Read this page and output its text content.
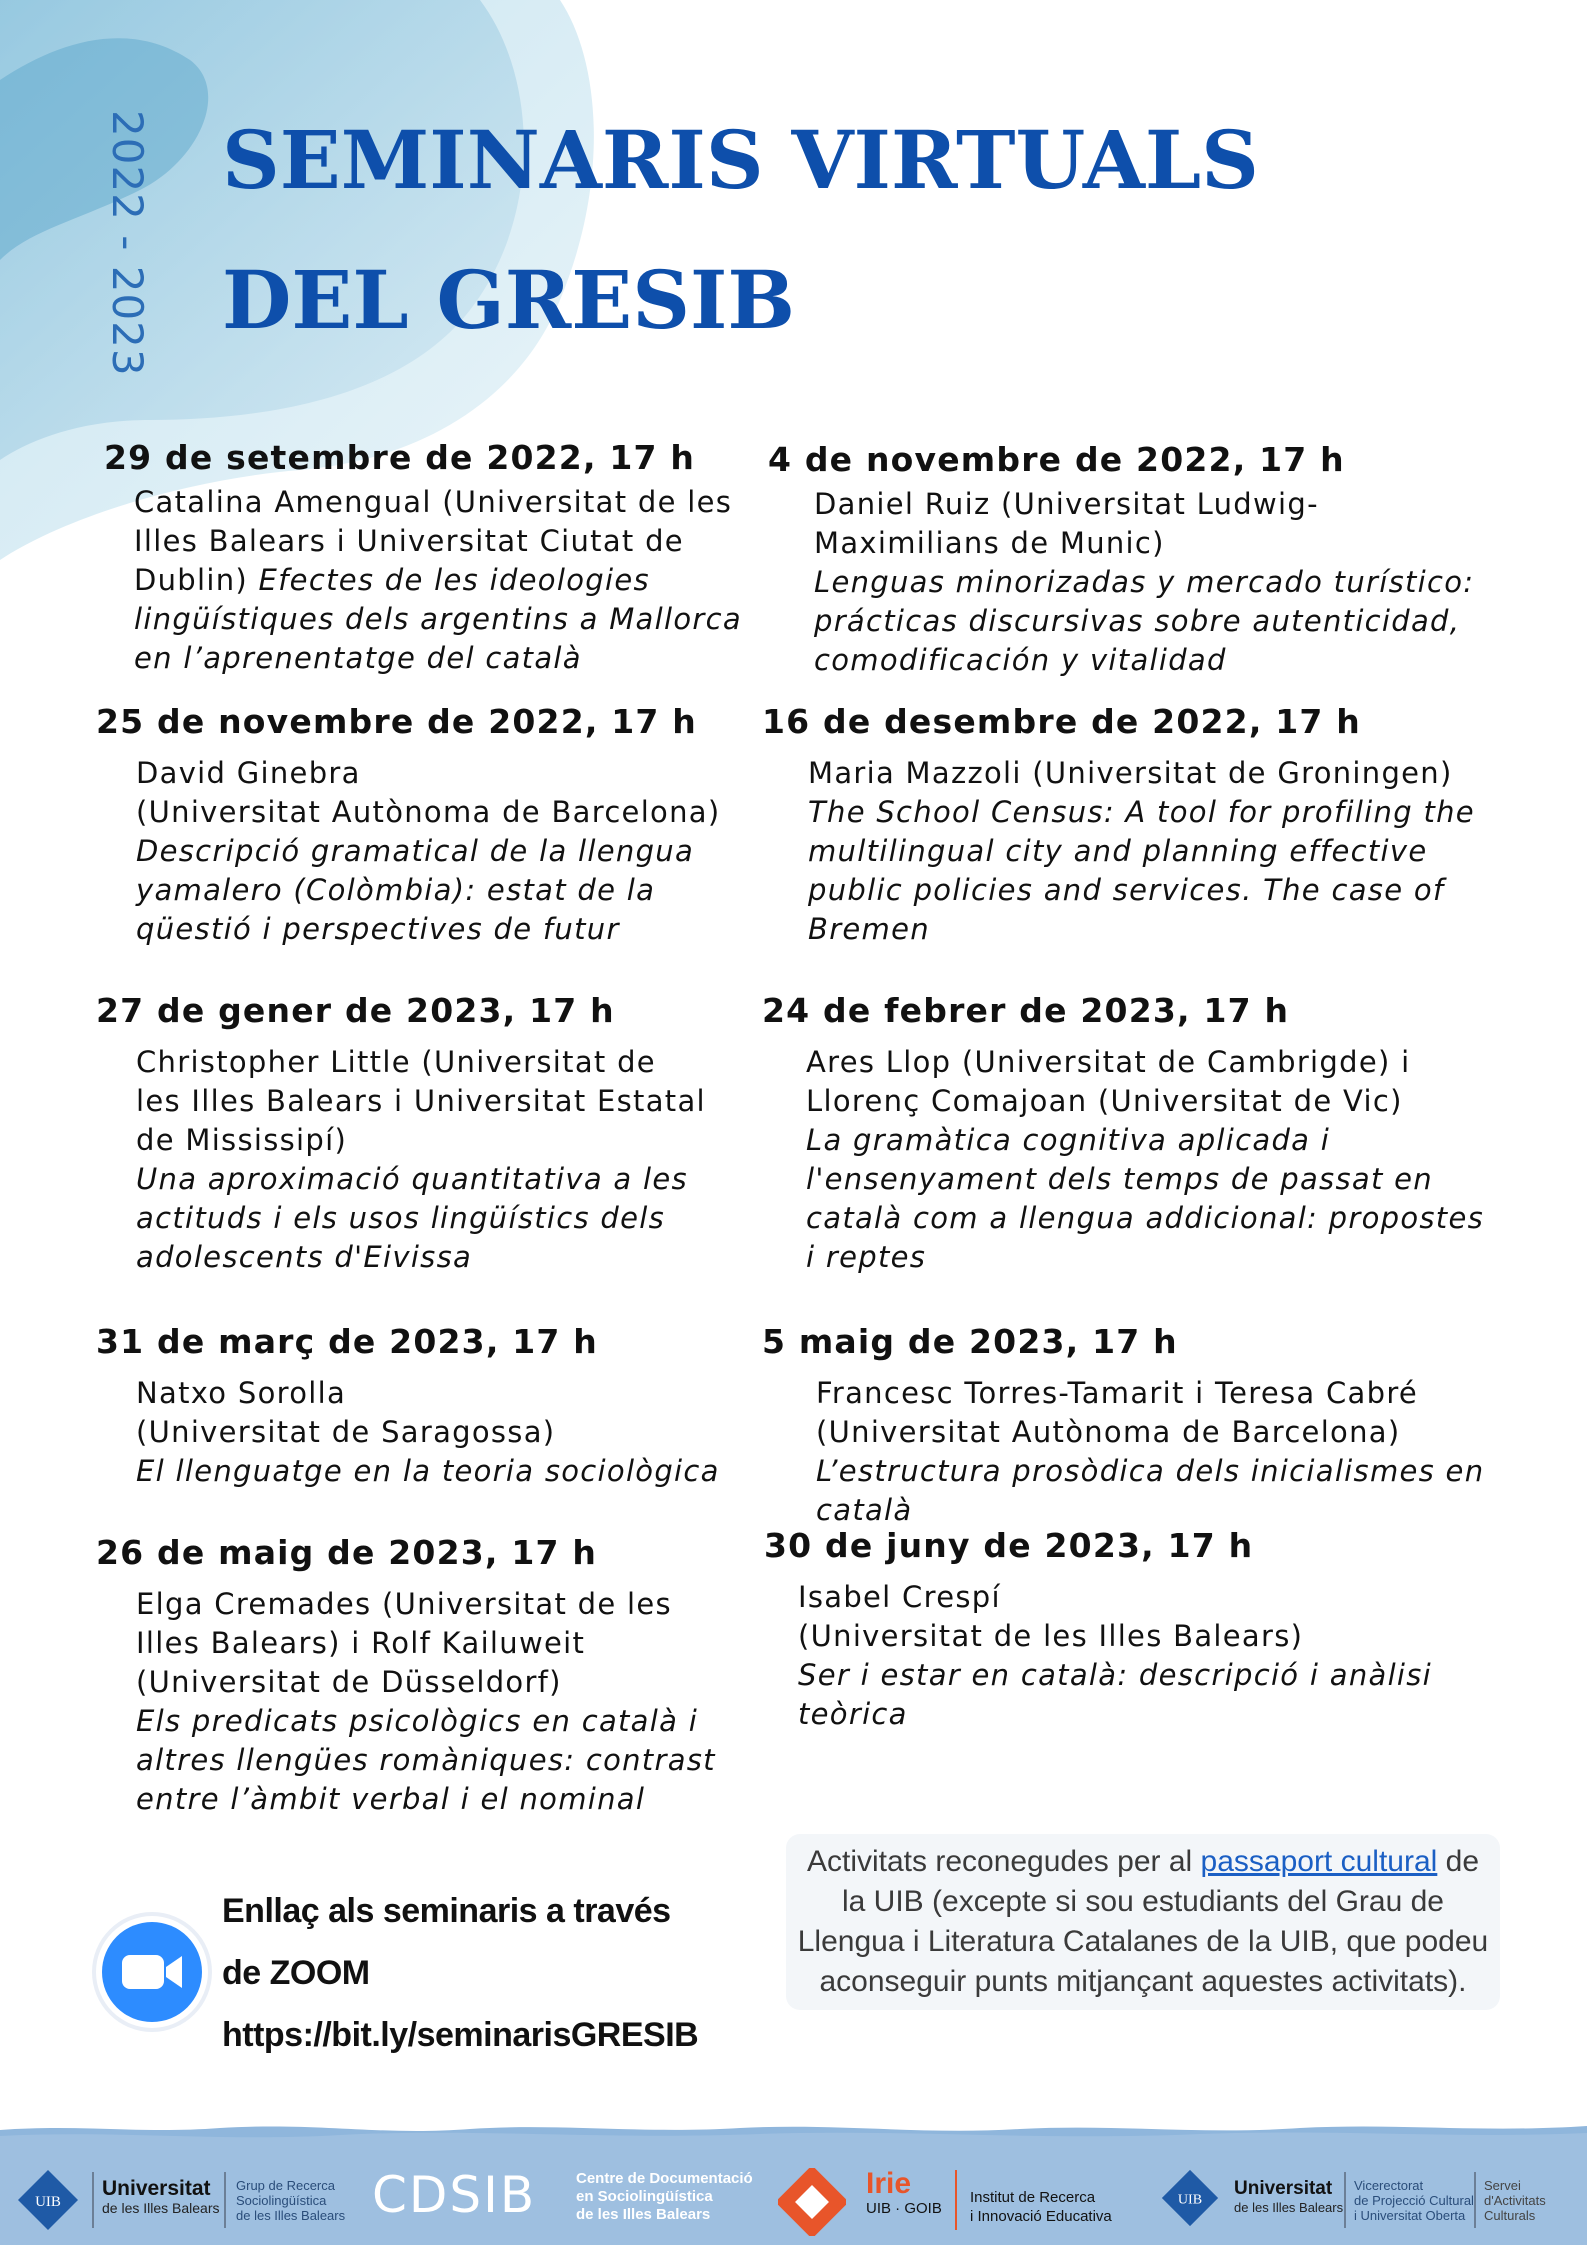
2022 - 2023 SEMINARIS VIRTUALS
DEL GRESIB
29 de setembre de 2022, 17 h
Catalina Amengual (Universitat de les
Illes Balears i Universitat Ciutat de
Dublin) Efectes de les ideologies
lingüístiques dels argentins a Mallorca
en l’aprenentatge del català
25 de novembre de 2022, 17 h
David Ginebra
(Universitat Autònoma de Barcelona)
Descripció gramatical de la llengua
yamalero (Colòmbia): estat de la
qüestió i perspectives de futur
27 de gener de 2023, 17 h
Christopher Little (Universitat de
les Illes Balears i Universitat Estatal
de Mississipí)
Una aproximació quantitativa a les
actituds i els usos lingüístics dels
adolescents d'Eivissa
31 de març de 2023, 17 h
Natxo Sorolla
(Universitat de Saragossa)
El llenguatge en la teoria sociològica
26 de maig de 2023, 17 h
Elga Cremades (Universitat de les
Illes Balears) i Rolf Kailuweit
(Universitat de Düsseldorf)
Els predicats psicològics en català i
altres llengües romàniques: contrast
entre l’àmbit verbal i el nominal
4 de novembre de 2022, 17 h
Daniel Ruiz (Universitat Ludwig-
Maximilians de Munic)
Lenguas minorizadas y mercado turístico:
prácticas discursivas sobre autenticidad,
comodificación y vitalidad
16 de desembre de 2022, 17 h
Maria Mazzoli (Universitat de Groningen)
The School Census: A tool for profiling the
multilingual city and planning effective
public policies and services. The case of
Bremen
24 de febrer de 2023, 17 h
Ares Llop (Universitat de Cambrigde) i
Llorenç Comajoan (Universitat de Vic)
La gramàtica cognitiva aplicada i
l'ensenyament dels temps de passat en
català com a llengua addicional: propostes
i reptes
5 maig de 2023, 17 h
Francesc Torres-Tamarit i Teresa Cabré
(Universitat Autònoma de Barcelona)
L’estructura prosòdica dels inicialismes en català
30 de juny de 2023, 17 h
Isabel Crespí
(Universitat de les Illes Balears)
Ser i estar en català: descripció i anàlisi
teòrica
Enllaç als seminaris a través
de ZOOM
https://bit.ly/seminarisGRESIB
Activitats reconegudes per al passaport cultural de la UIB (excepte si sou estudiants del Grau de Llengua i Literatura Catalanes de la UIB, que podeu aconseguir punts mitjançant aquestes activitats).
UIB
Universitat
de les Illes Balears
Grup de Recerca
Sociolingüística
de les Illes Balears CDSIB	Centre de Documentació
en Sociolingüística
de les Illes Balears
Irie
UIB · GOIB
Institut de Recerca
i Innovació Educativa
UIB
Universitat
de les Illes Balears
Vicerectorat
de Projecció Cultural
i Universitat Oberta
Servei
d'Activitats
Culturals
